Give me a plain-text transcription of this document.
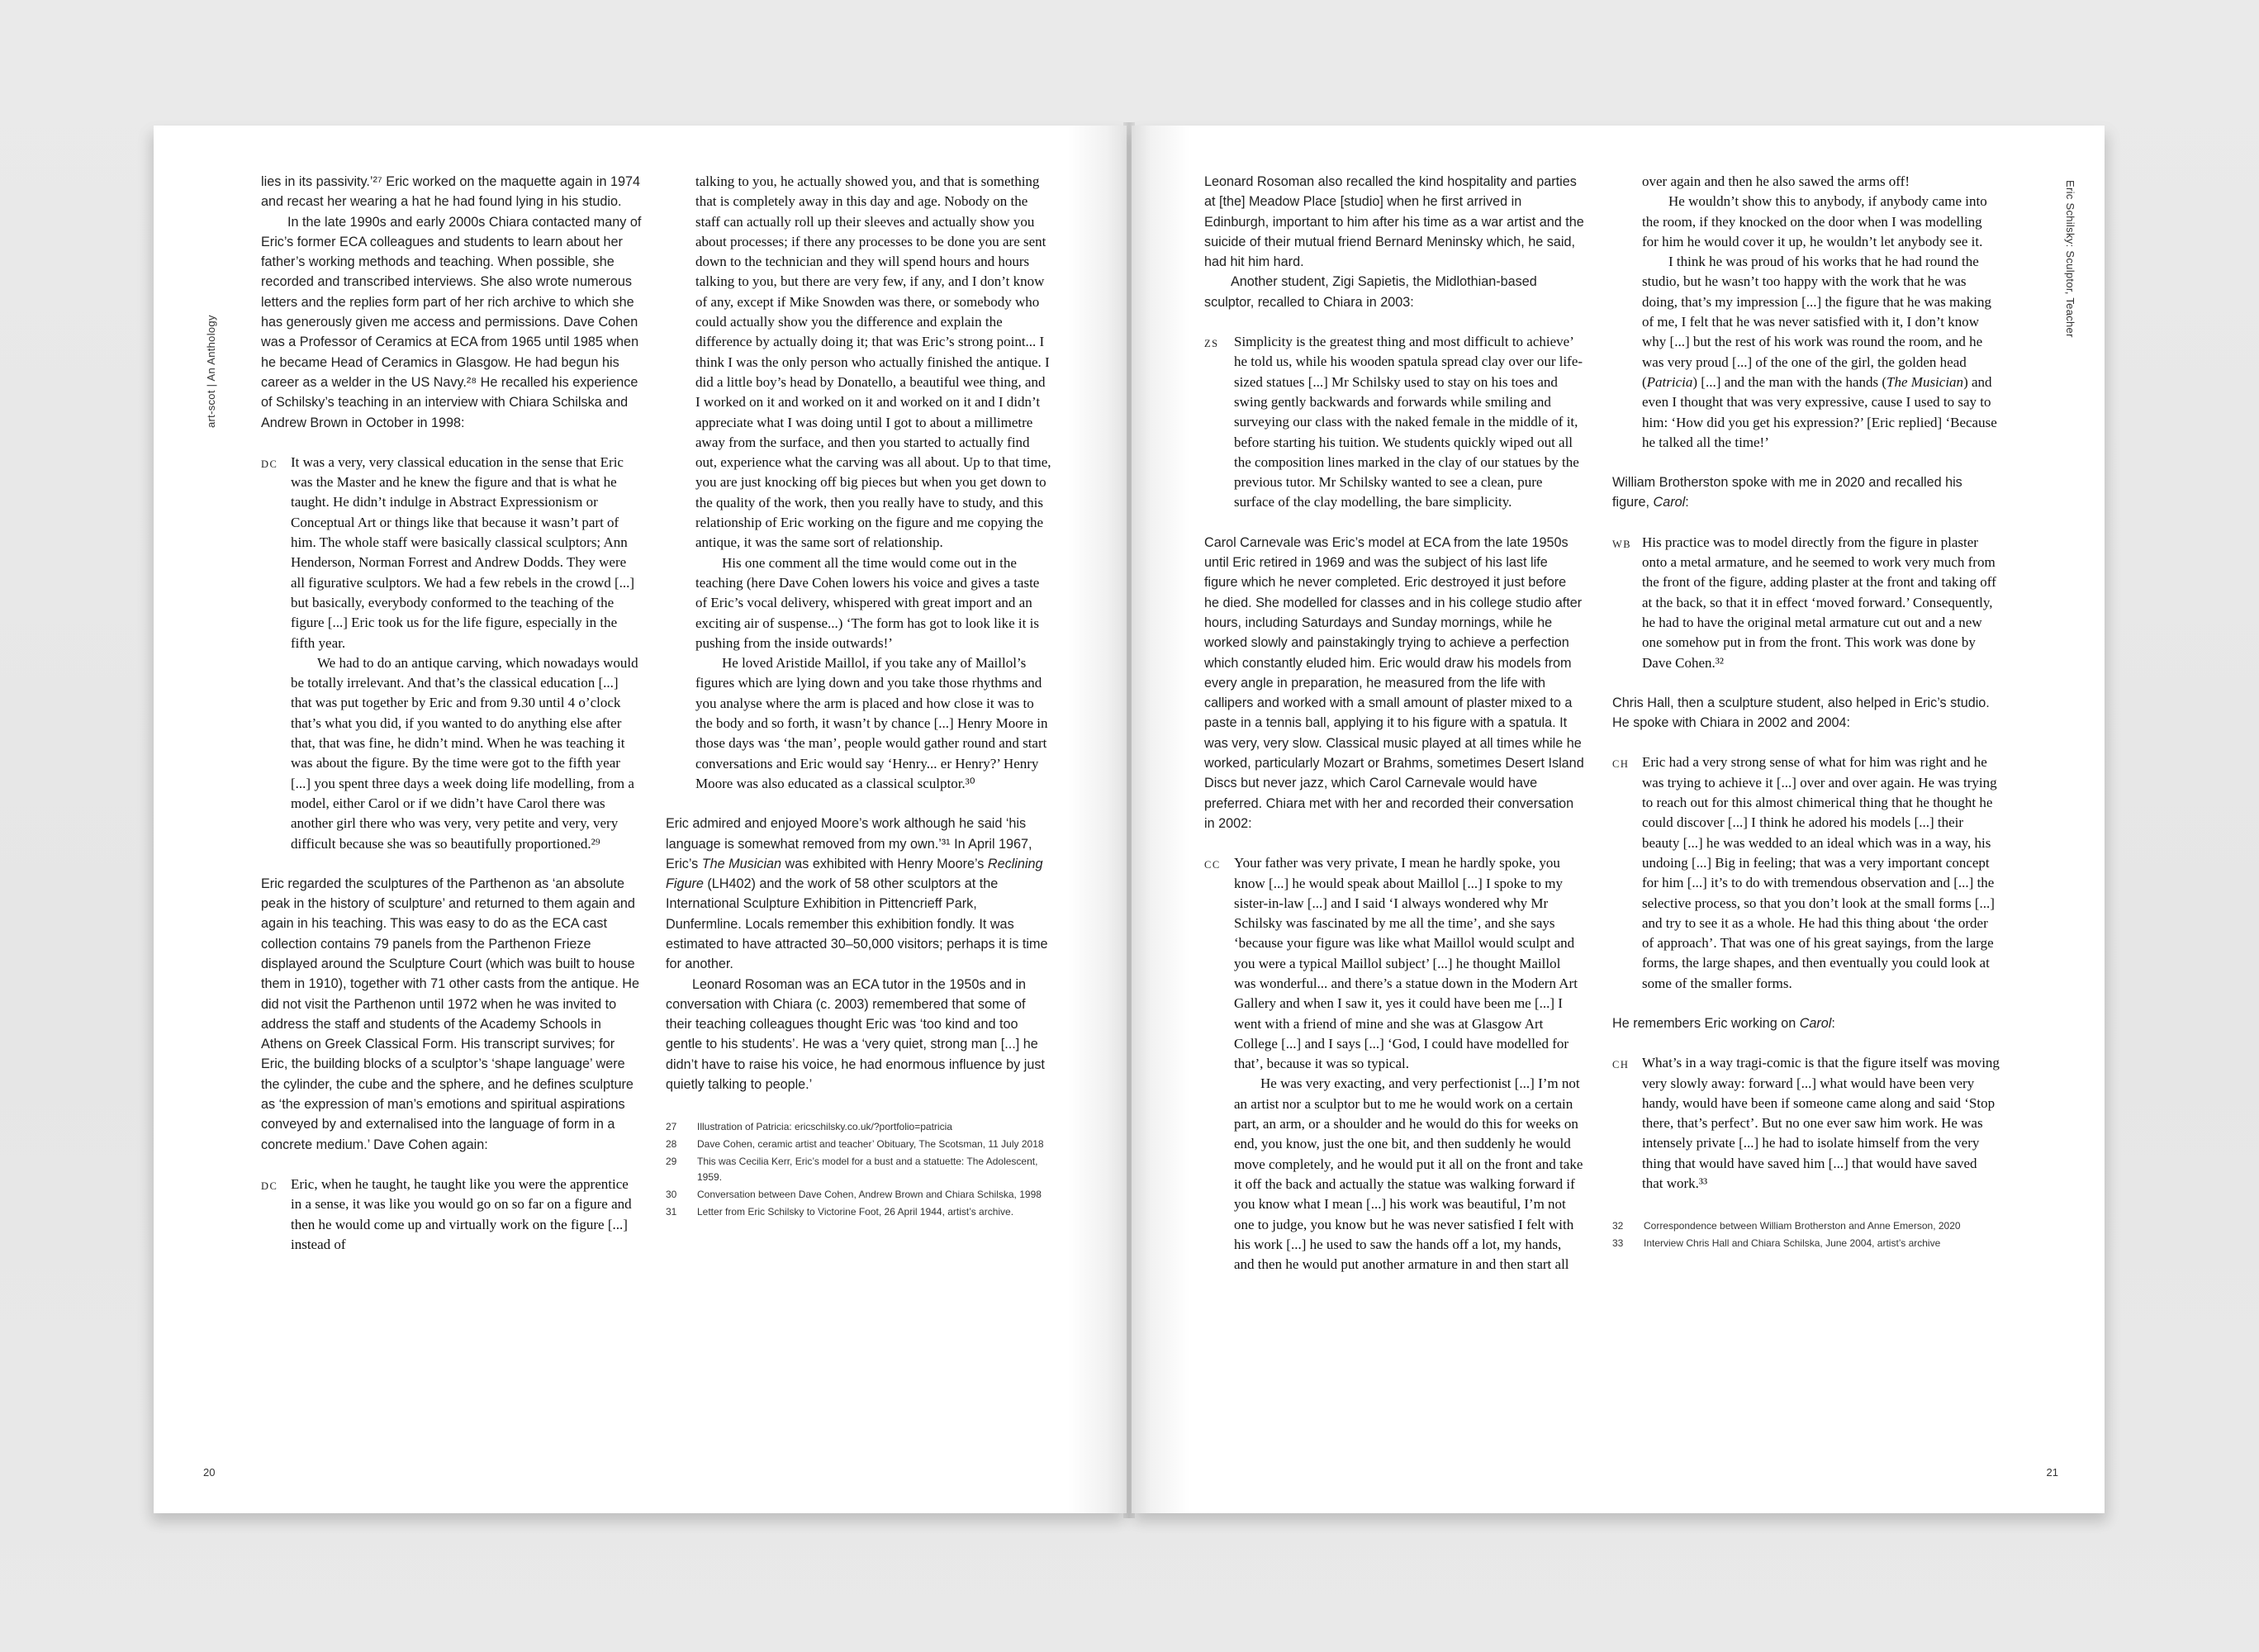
art-scot | An Anthology

lies in its passivity.’²⁷ Eric worked on the maquette again in 1974 and recast her wearing a hat he had found lying in his studio.

In the late 1990s and early 2000s Chiara contacted many of Eric’s former ECA colleagues and students to learn about her father’s working methods and teaching. When possible, she recorded and transcribed interviews. She also wrote numerous letters and the replies form part of her rich archive to which she has generously given me access and permissions. Dave Cohen was a Professor of Ceramics at ECA from 1965 until 1985 when he became Head of Ceramics in Glasgow. He had begun his career as a welder in the US Navy.²⁸ He recalled his experience of Schilsky’s teaching in an interview with Chiara Schilska and Andrew Brown in October in 1998:

DC It was a very, very classical education in the sense that Eric was the Master and he knew the figure and that is what he taught. He didn’t indulge in Abstract Expressionism or Conceptual Art or things like that because it wasn’t part of him. The whole staff were basically classical sculptors; Ann Henderson, Norman Forrest and Andrew Dodds. They were all figurative sculptors. We had a few rebels in the crowd [...] but basically, everybody conformed to the teaching of the figure [...] Eric took us for the life figure, especially in the fifth year.

We had to do an antique carving, which nowadays would be totally irrelevant. And that’s the classical education [...] that was put together by Eric and from 9.30 until 4 o’clock that’s what you did, if you wanted to do anything else after that, that was fine, he didn’t mind. When he was teaching it was about the figure. By the time were got to the fifth year [...] you spent three days a week doing life modelling, from a model, either Carol or if we didn’t have Carol there was another girl there who was very, very petite and very, very difficult because she was so beautifully proportioned.²⁹

Eric regarded the sculptures of the Parthenon as ‘an absolute peak in the history of sculpture’ and returned to them again and again in his teaching. This was easy to do as the ECA cast collection contains 79 panels from the Parthenon Frieze displayed around the Sculpture Court (which was built to house them in 1910), together with 71 other casts from the antique. He did not visit the Parthenon until 1972 when he was invited to address the staff and students of the Academy Schools in Athens on Greek Classical Form. His transcript survives; for Eric, the building blocks of a sculptor’s ‘shape language’ were the cylinder, the cube and the sphere, and he defines sculpture as ‘the expression of man’s emotions and spiritual aspirations conveyed by and externalised into the language of form in a concrete medium.’ Dave Cohen again:

DC Eric, when he taught, he taught like you were the apprentice in a sense, it was like you would go on so far on a figure and then he would come up and virtually work on the figure [...] instead of

talking to you, he actually showed you, and that is something that is completely away in this day and age. Nobody on the staff can actually roll up their sleeves and actually show you about processes; if there any processes to be done you are sent down to the technician and they will spend hours and hours talking to you, but there are very few, if any, and I don’t know of any, except if Mike Snowden was there, or somebody who could actually show you the difference and explain the difference by actually doing it; that was Eric’s strong point... I think I was the only person who actually finished the antique. I did a little boy’s head by Donatello, a beautiful wee thing, and I worked on it and worked on it and worked on it and I didn’t appreciate what I was doing until I got to about a millimetre away from the surface, and then you started to actually find out, experience what the carving was all about. Up to that time, you are just knocking off big pieces but when you get down to the quality of the work, then you really have to study, and this relationship of Eric working on the figure and me copying the antique, it was the same sort of relationship.

His one comment all the time would come out in the teaching (here Dave Cohen lowers his voice and gives a taste of Eric’s vocal delivery, whispered with great import and an exciting air of suspense...) ‘The form has got to look like it is pushing from the inside outwards!’

He loved Aristide Maillol, if you take any of Maillol’s figures which are lying down and you take those rhythms and you analyse where the arm is placed and how close it was to the body and so forth, it wasn’t by chance [...] Henry Moore in those days was ‘the man’, people would gather round and start conversations and Eric would say ‘Henry... er Henry?’ Henry Moore was also educated as a classical sculptor.³⁰

Eric admired and enjoyed Moore’s work although he said ‘his language is somewhat removed from my own.’³¹ In April 1967, Eric’s The Musician was exhibited with Henry Moore’s Reclining Figure (LH402) and the work of 58 other sculptors at the International Sculpture Exhibition in Pittencrieff Park, Dunfermline. Locals remember this exhibition fondly. It was estimated to have attracted 30–50,000 visitors; perhaps it is time for another.

Leonard Rosoman was an ECA tutor in the 1950s and in conversation with Chiara (c. 2003) remembered that some of their teaching colleagues thought Eric was ‘too kind and too gentle to his students’. He was a ‘very quiet, strong man [...] he didn’t have to raise his voice, he had enormous influence by just quietly talking to people.’

27	Illustration of Patricia: ericschilsky.co.uk/?portfolio=patricia
28	Dave Cohen, ceramic artist and teacher’ Obituary, The Scotsman, 11 July 2018
29	This was Cecilia Kerr, Eric’s model for a bust and a statuette: The Adolescent, 1959.
30	Conversation between Dave Cohen, Andrew Brown and Chiara Schilska, 1998
31	Letter from Eric Schilsky to Victorine Foot, 26 April 1944, artist’s archive.
20

Leonard Rosoman also recalled the kind hospitality and parties at [the] Meadow Place [studio] when he first arrived in Edinburgh, important to him after his time as a war artist and the suicide of their mutual friend Bernard Meninsky which, he said, had hit him hard.

Another student, Zigi Sapietis, the Midlothian-based sculptor, recalled to Chiara in 2003:

ZS Simplicity is the greatest thing and most difficult to achieve’ he told us, while his wooden spatula spread clay over our life-sized statues [...] Mr Schilsky used to stay on his toes and swing gently backwards and forwards while smiling and surveying our class with the naked female in the middle of it, before starting his tuition. We students quickly wiped out all the composition lines marked in the clay of our statues by the previous tutor. Mr Schilsky wanted to see a clean, pure surface of the clay modelling, the bare simplicity.

Carol Carnevale was Eric’s model at ECA from the late 1950s until Eric retired in 1969 and was the subject of his last life figure which he never completed. Eric destroyed it just before he died. She modelled for classes and in his college studio after hours, including Saturdays and Sunday mornings, while he worked slowly and painstakingly trying to achieve a perfection which constantly eluded him. Eric would draw his models from every angle in preparation, he measured from the life with callipers and worked with a small amount of plaster mixed to a paste in a tennis ball, applying it to his figure with a spatula. It was very, very slow. Classical music played at all times while he worked, particularly Mozart or Brahms, sometimes Desert Island Discs but never jazz, which Carol Carnevale would have preferred. Chiara met with her and recorded their conversation in 2002:

CC Your father was very private, I mean he hardly spoke, you know [...] he would speak about Maillol [...] I spoke to my sister-in-law [...] and I said ‘I always wondered why Mr Schilsky was fascinated by me all the time’, and she says ‘because your figure was like what Maillol would sculpt and you were a typical Maillol subject’ [...] he thought Maillol was wonderful... and there’s a statue down in the Modern Art Gallery and when I saw it, yes it could have been me [...] I went with a friend of mine and she was at Glasgow Art College [...] and I says [...] ‘God, I could have modelled for that’, because it was so typical.

He was very exacting, and very perfectionist [...] I’m not an artist nor a sculptor but to me he would work on a certain part, an arm, or a shoulder and he would do this for weeks on end, you know, just the one bit, and then suddenly he would move completely, and he would put it all on the front and take it off the back and actually the statue was walking forward if you know what I mean [...] his work was beautiful, I’m not one to judge, you know but he was never satisfied I felt with his work [...] he used to saw the hands off a lot, my hands, and then he would put another armature in and then start all

over again and then he also sawed the arms off!

He wouldn’t show this to anybody, if anybody came into the room, if they knocked on the door when I was modelling for him he would cover it up, he wouldn’t let anybody see it.

I think he was proud of his works that he had round the studio, but he wasn’t too happy with the work that he was doing, that’s my impression [...] the figure that he was making of me, I felt that he was never satisfied with it, I don’t know why [...] but the rest of his work was round the room, and he was very proud [...] of the one of the girl, the golden head (Patricia) [...] and the man with the hands (The Musician) and even I thought that was very expressive, cause I used to say to him: ‘How did you get his expression?’ [Eric replied] ‘Because he talked all the time!’

William Brotherston spoke with me in 2020 and recalled his figure, Carol:

WB His practice was to model directly from the figure in plaster onto a metal armature, and he seemed to work very much from the front of the figure, adding plaster at the front and taking off at the back, so that it in effect ‘moved forward.’ Consequently, he had to have the original metal armature cut out and a new one somehow put in from the front. This work was done by Dave Cohen.³²

Chris Hall, then a sculpture student, also helped in Eric’s studio. He spoke with Chiara in 2002 and 2004:

CH Eric had a very strong sense of what for him was right and he was trying to achieve it [...] over and over again. He was trying to reach out for this almost chimerical thing that he thought he could discover [...] I think he adored his models [...] their beauty [...] he was wedded to an ideal which was in a way, his undoing [...] Big in feeling; that was a very important concept for him [...] it’s to do with tremendous observation and [...] the selective process, so that you don’t look at the small forms [...] and try to see it as a whole. He had this thing about ‘the order of approach’. That was one of his great sayings, from the large forms, the large shapes, and then eventually you could look at some of the smaller forms.

He remembers Eric working on Carol:

CH What’s in a way tragi-comic is that the figure itself was moving very slowly away: forward [...] what would have been very handy, would have been if someone came along and said ‘Stop there, that’s perfect’. But no one ever saw him work. He was intensely private [...] he had to isolate himself from the very thing that would have saved him [...] that would have saved that work.³³

32	Correspondence between William Brotherston and Anne Emerson, 2020
33	Interview Chris Hall and Chiara Schilska, June 2004, artist’s archive
Eric Schilsky: Sculptor, Teacher
21
